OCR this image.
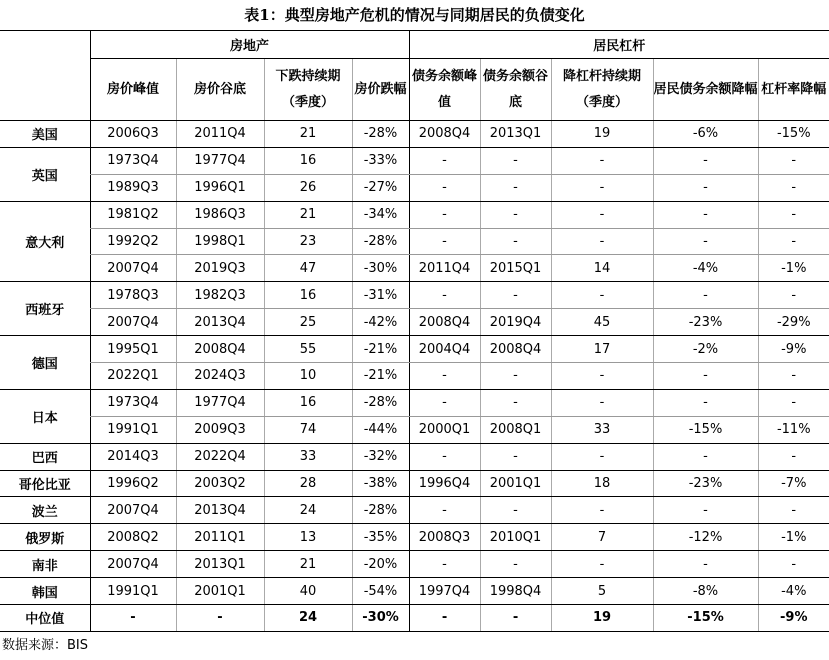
表1：典型房地产危机的情况与同期居民的负债变化
	房地产				居民杠杆				
	房价峰值	房价谷底	下跌持续期（季度）	房价跌幅	债务余额峰值	债务余额谷底	降杠杆持续期（季度）	居民债务余额降幅	杠杆率降幅
美国	2006Q3	2011Q4	21	-28%	2008Q4	2013Q1	19	-6%	-15%
英国	1973Q4	1977Q4	16	-33%	-	-	-	-	-
	1989Q3	1996Q1	26	-27%	-	-	-	-	-
意大利	1981Q2	1986Q3	21	-34%	-	-	-	-	-
	1992Q2	1998Q1	23	-28%	-	-	-	-	-
	2007Q4	2019Q3	47	-30%	2011Q4	2015Q1	14	-4%	-1%
西班牙	1978Q3	1982Q3	16	-31%	-	-	-	-	-
	2007Q4	2013Q4	25	-42%	2008Q4	2019Q4	45	-23%	-29%
德国	1995Q1	2008Q4	55	-21%	2004Q4	2008Q4	17	-2%	-9%
	2022Q1	2024Q3	10	-21%	-	-	-	-	-
日本	1973Q4	1977Q4	16	-28%	-	-	-	-	-
	1991Q1	2009Q3	74	-44%	2000Q1	2008Q1	33	-15%	-11%
巴西	2014Q3	2022Q4	33	-32%	-	-	-	-	-
哥伦比亚	1996Q2	2003Q2	28	-38%	1996Q4	2001Q1	18	-23%	-7%
波兰	2007Q4	2013Q4	24	-28%	-	-	-	-	-
俄罗斯	2008Q2	2011Q1	13	-35%	2008Q3	2010Q1	7	-12%	-1%
南非	2007Q4	2013Q1	21	-20%	-	-	-	-	-
韩国	1991Q1	2001Q1	40	-54%	1997Q4	1998Q4	5	-8%	-4%
中位值	-	-	24	-30%	-	-	19	-15%	-9%
数据来源：BIS
